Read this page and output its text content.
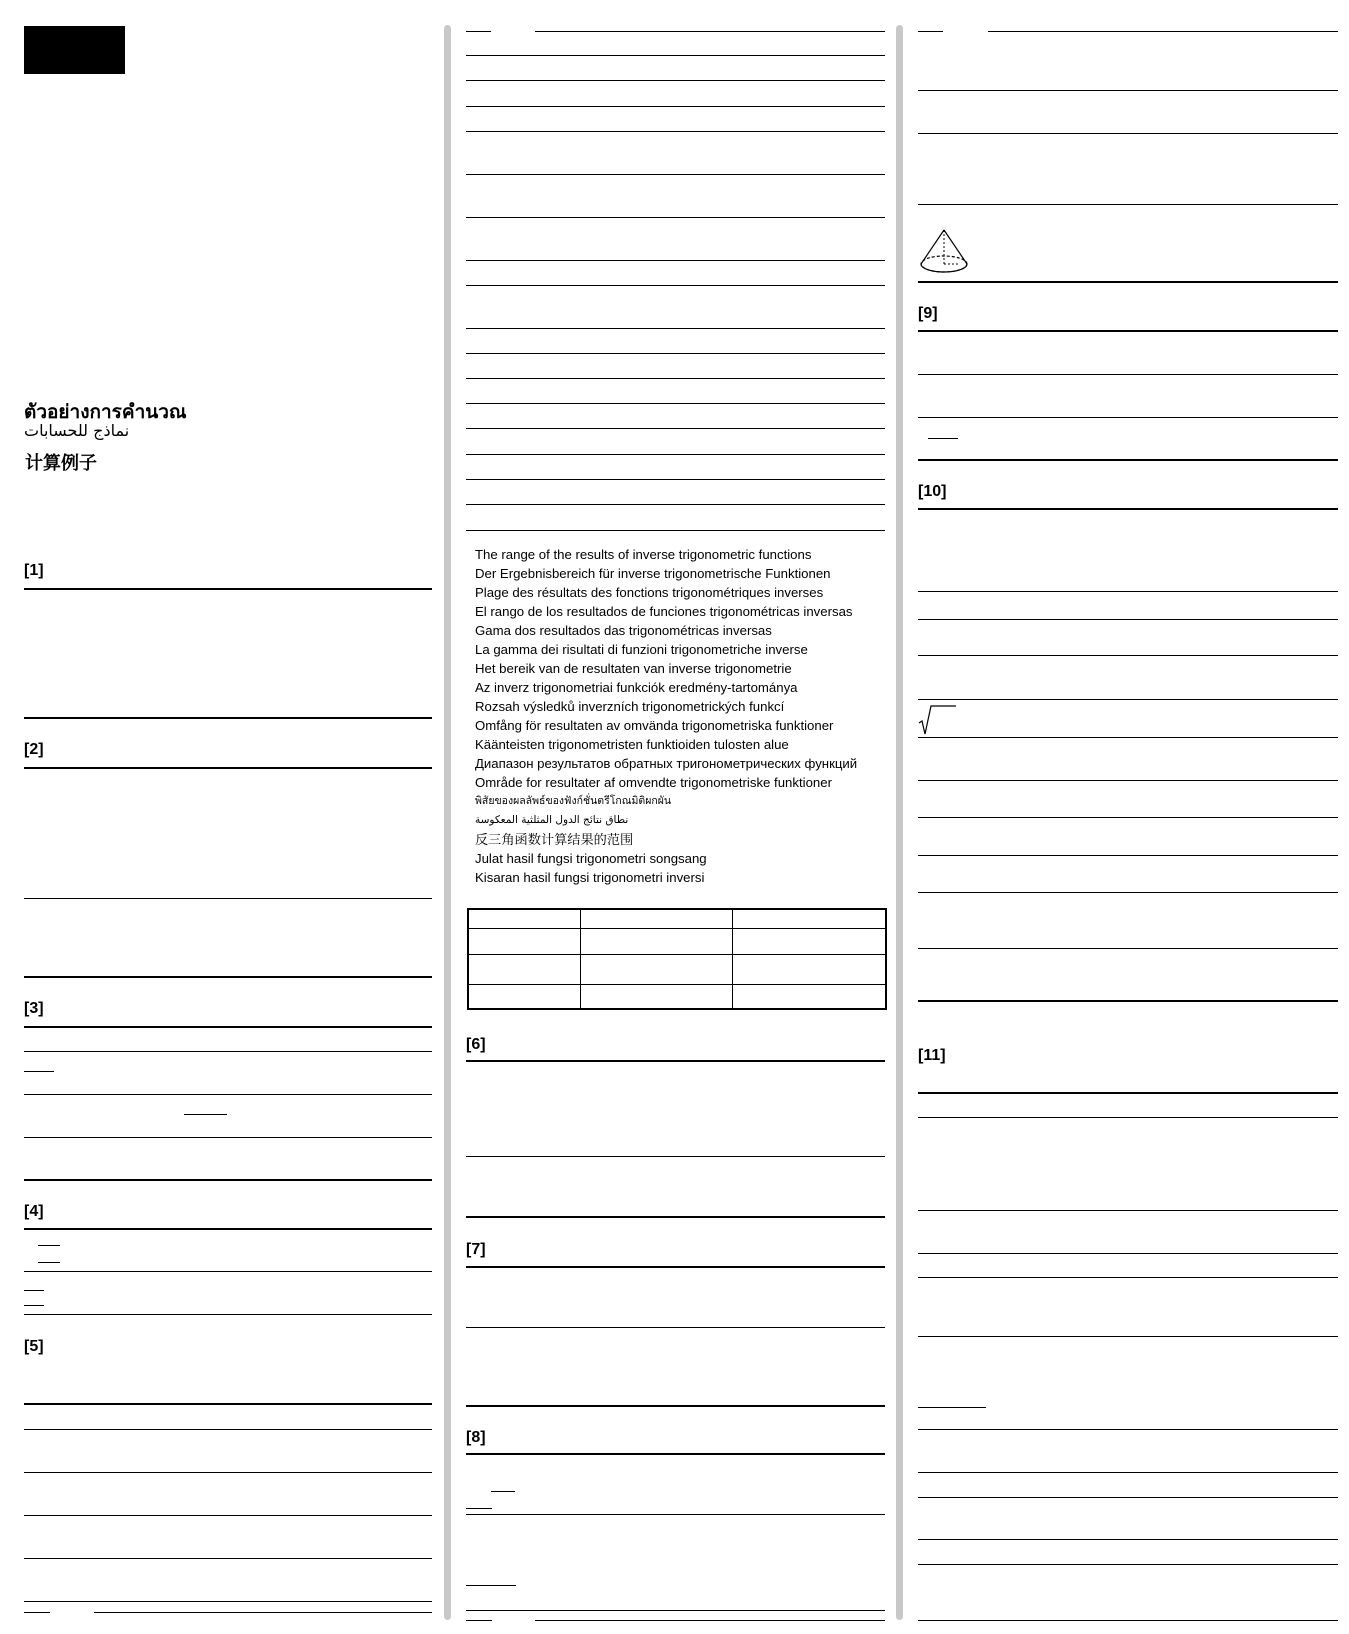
ตัวอย่างการคำนวณ
نماذج للحسابات
计算例子
[1]
[2]
[3]
[4]
[5]
The range of the results of inverse trigonometric functions
Der Ergebnisbereich für inverse trigonometrische Funktionen
Plage des résultats des fonctions trigonométriques inverses
El rango de los resultados de funciones trigonométricas inversas
Gama dos resultados das trigonométricas inversas
La gamma dei risultati di funzioni trigonometriche inverse
Het bereik van de resultaten van inverse trigonometrie
Az inverz trigonometriai funkciók eredmény-tartománya
Rozsah výsledků inverzních trigonometrických funkcí
Omfång för resultaten av omvända trigonometriska funktioner
Käänteisten trigonometristen funktioiden tulosten alue
Диапазон результатов обратных тригонометрических функций
Område for resultater af omvendte trigonometriske funktioner
พิสัยของผลลัพธ์ของฟังก์ชั่นตรีโกณมิติผกผัน
نطاق نتائج الدول المثلثية المعكوسة
反三角函数计算结果的范围
Julat hasil fungsi trigonometri songsang
Kisaran hasil fungsi trigonometri inversi

[6]
[7]
[8]
[9]
[10]
[11]
